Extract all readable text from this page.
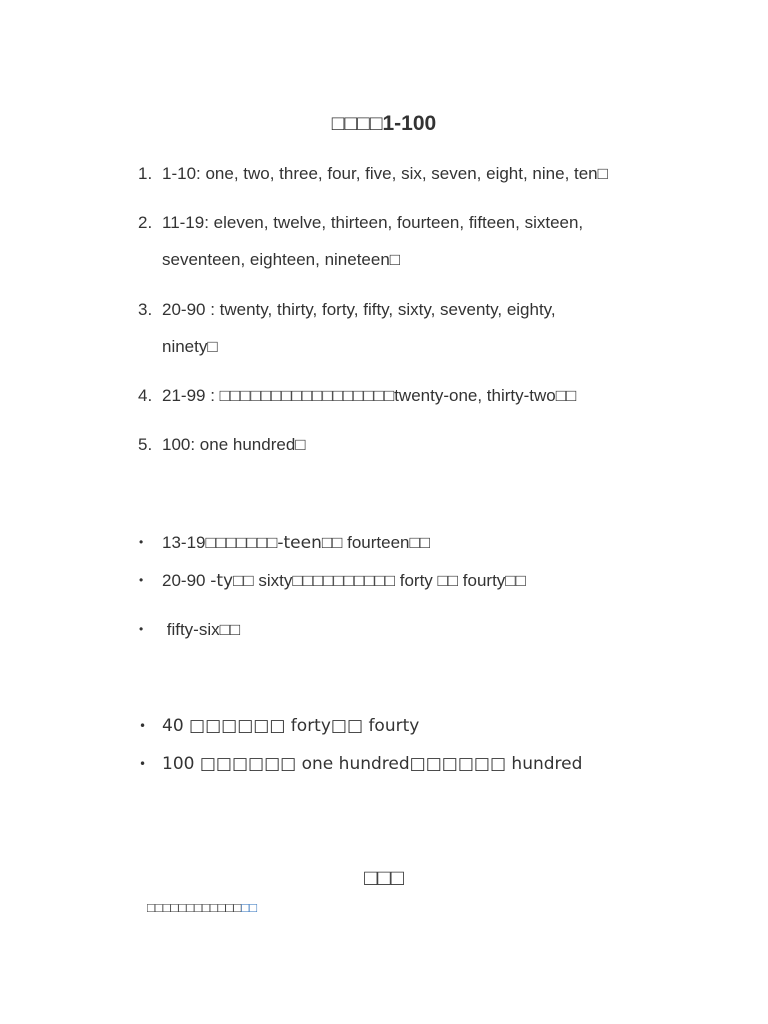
□□□□1-100
1. 1-10: one, two, three, four, five, six, seven, eight, nine, ten□
2. 11-19: eleven, twelve, thirteen, fourteen, fifteen, sixteen,
seventeen, eighteen, nineteen□
3. 20-90 : twenty, thirty, forty, fifty, sixty, seventy, eighty,
ninety□
4. 21-99 : □□□□□□□□□□□□□□□□□twenty-one, thirty-two□□
5. 100: one hundred□
• 13-19□□□□□□□-teen□□ fourteen□□
• 20-90 -ty□□ sixty□□□□□□□□□□ forty □□ fourty□□
• fifty-six□□
• 40 □□□□□□ forty□□ fourty
• 100 □□□□□□ one hundred□□□□□□ hundred
□□□
□□□□□□□□□□□□□□
